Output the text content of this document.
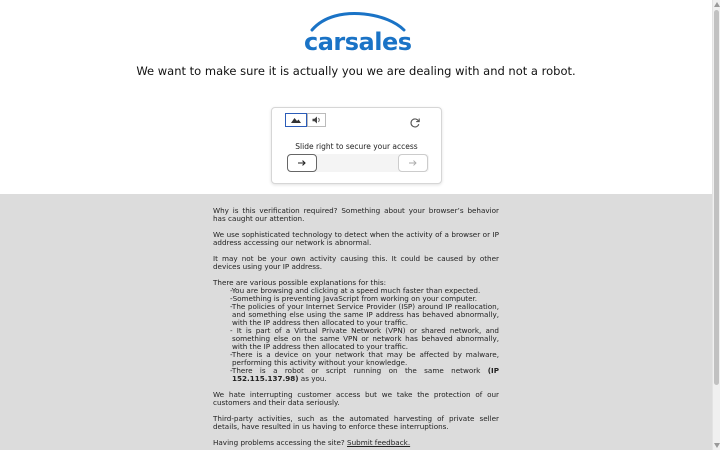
carsales
We want to make sure it is actually you we are dealing with and not a robot.
Slide right to secure your access

Why is this verification required? Something about your browser’s behavior has caught our attention.

We use sophisticated technology to detect when the activity of a browser or IP address accessing our network is abnormal.

It may not be your own activity causing this. It could be caused by other devices using your IP address.

There are various possible explanations for this:

-You are browsing and clicking at a speed much faster than expected.
-Something is preventing JavaScript from working on your computer.
-The policies of your Internet Service Provider (ISP) around IP reallocation, and something else using the same IP address has behaved abnormally, with the IP address then allocated to your traffic.
- It is part of a Virtual Private Network (VPN) or shared network, and something else on the same VPN or network has behaved abnormally, with the IP address then allocated to your traffic.
-There is a device on your network that may be affected by malware, performing this activity without your knowledge.
-There is a robot or script running on the same network (IP 152.115.137.98) as you.

We hate interrupting customer access but we take the protection of our customers and their data seriously.

Third-party activities, such as the automated harvesting of private seller details, have resulted in us having to enforce these interruptions.

Having problems accessing the site? Submit feedback.
